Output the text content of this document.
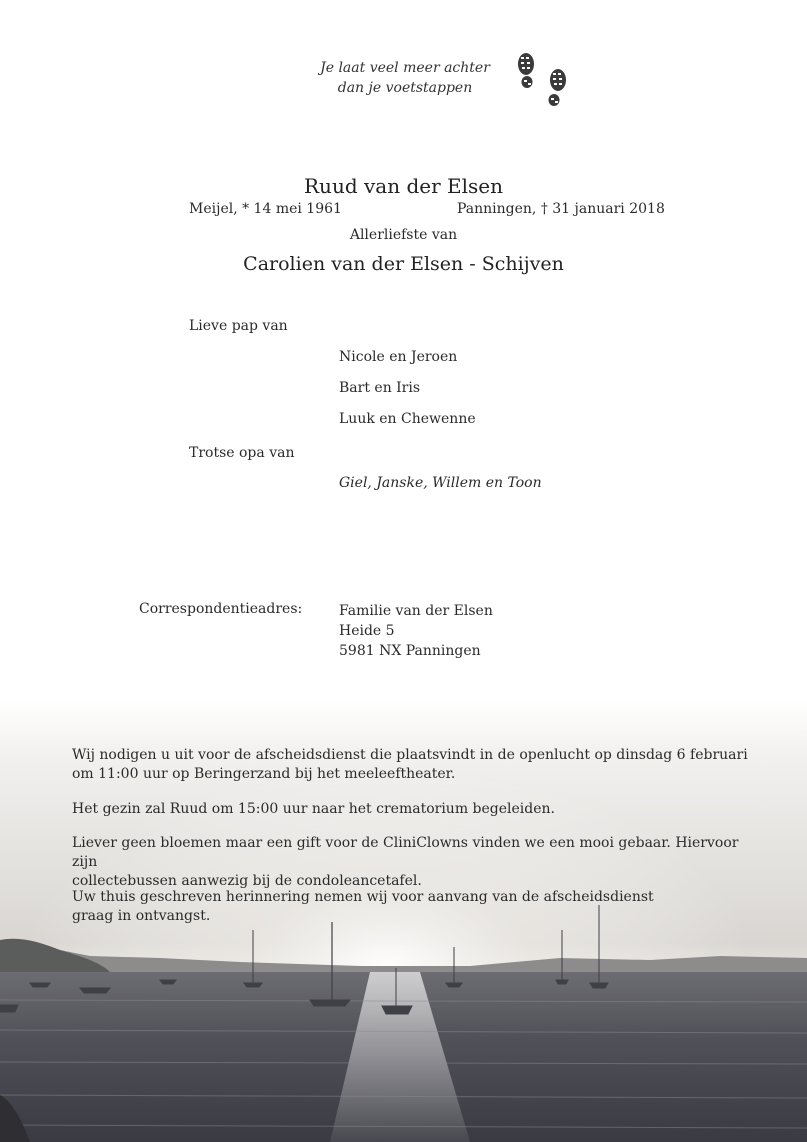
Je laat veel meer achter
dan je voetstappen
Ruud van der Elsen
Meijel, * 14 mei 1961	Panningen, † 31 januari 2018
Allerliefste van
Carolien van der Elsen - Schijven
Lieve pap van
Nicole en Jeroen
Bart en Iris
Luuk en Chewenne
Trotse opa van
Giel, Janske, Willem en Toon
Correspondentieadres:	Familie van der Elsen
Heide 5
5981 NX Panningen
Wij nodigen u uit voor de afscheidsdienst die plaatsvindt in de openlucht op dinsdag 6 februari
om 11:00 uur op Beringerzand bij het meeleeftheater.
Het gezin zal Ruud om 15:00 uur naar het crematorium begeleiden.
Liever geen bloemen maar een gift voor de CliniClowns vinden we een mooi gebaar. Hiervoor zijn
collectebussen aanwezig bij de condoleancetafel.
Uw thuis geschreven herinnering nemen wij voor aanvang van de afscheidsdienst
graag in ontvangst.
